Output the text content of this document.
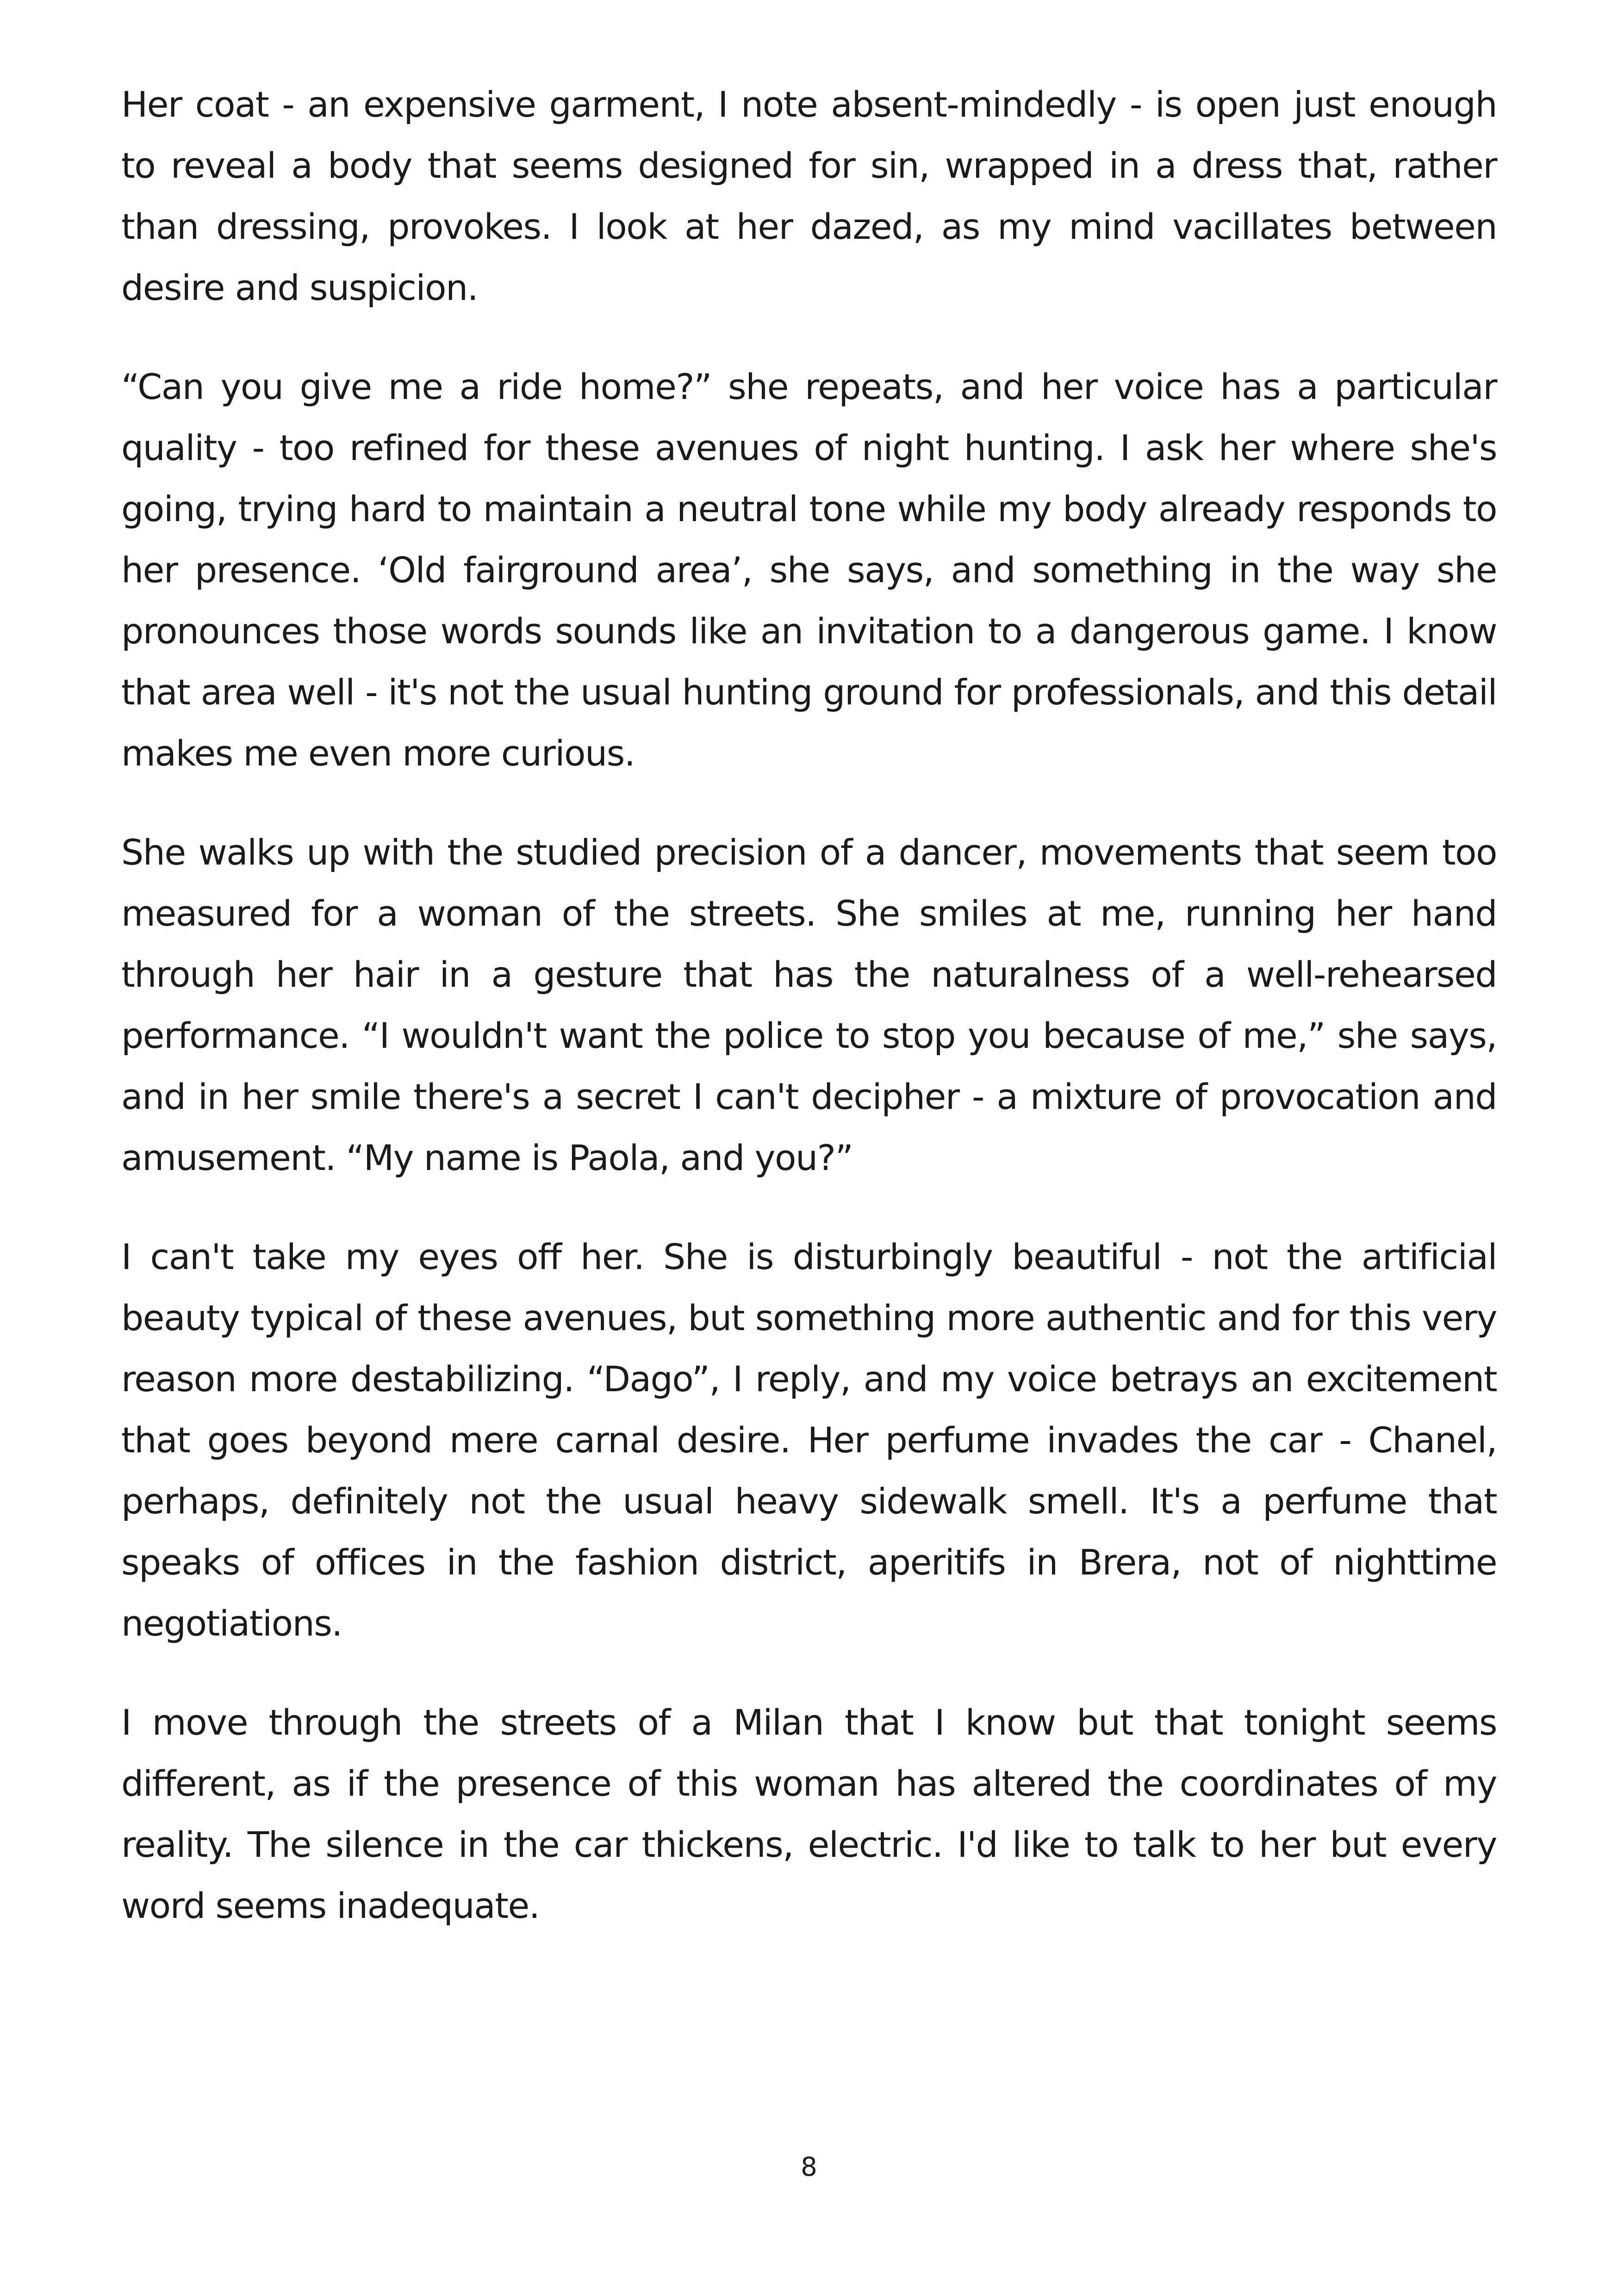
Her coat - an expensive garment, I note absent-mindedly - is open just enough to reveal a body that seems designed for sin, wrapped in a dress that, rather than dressing, provokes. I look at her dazed, as my mind vacillates between desire and suspicion.

“Can you give me a ride home?” she repeats, and her voice has a particular quality - too refined for these avenues of night hunting. I ask her where she's going, trying hard to maintain a neutral tone while my body already responds to her presence. ‘Old fairground area’, she says, and something in the way she pronounces those words sounds like an invitation to a dangerous game. I know that area well - it's not the usual hunting ground for professionals, and this detail makes me even more curious.

She walks up with the studied precision of a dancer, movements that seem too measured for a woman of the streets. She smiles at me, running her hand through her hair in a gesture that has the naturalness of a well-rehearsed performance. “I wouldn't want the police to stop you because of me,” she says, and in her smile there's a secret I can't decipher - a mixture of provocation and amusement. “My name is Paola, and you?”

I can't take my eyes off her. She is disturbingly beautiful - not the artificial beauty typical of these avenues, but something more authentic and for this very reason more destabilizing. “Dago”, I reply, and my voice betrays an excitement that goes beyond mere carnal desire. Her perfume invades the car - Chanel, perhaps, definitely not the usual heavy sidewalk smell. It's a perfume that speaks of offices in the fashion district, aperitifs in Brera, not of nighttime negotiations.

I move through the streets of a Milan that I know but that tonight seems different, as if the presence of this woman has altered the coordinates of my reality. The silence in the car thickens, electric. I'd like to talk to her but every word seems inadequate.

8
